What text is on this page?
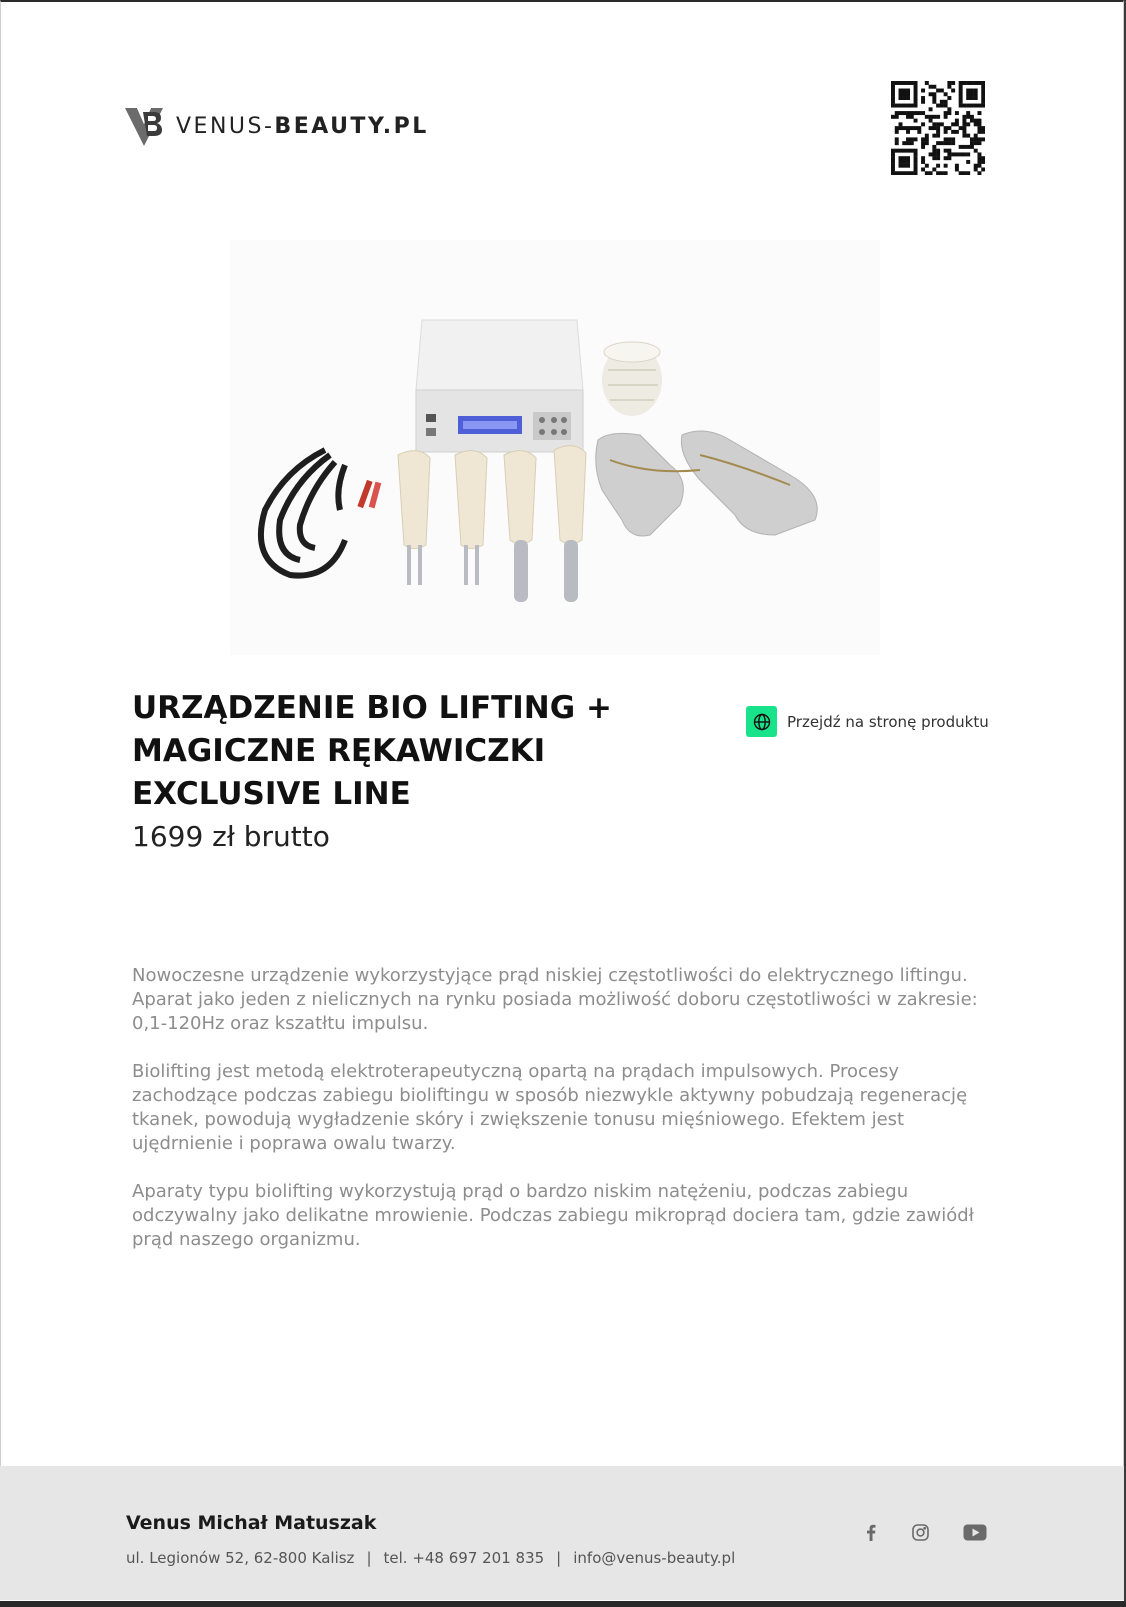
VENUS-BEAUTY.PL
URZĄDZENIE BIO LIFTING +
MAGICZNE RĘKAWICZKI
EXCLUSIVE LINE
1699 zł brutto
Przejdź na stronę produktu

Nowoczesne urządzenie wykorzystyjące prąd niskiej częstotliwości do elektrycznego liftingu. Aparat jako jeden z nielicznych na rynku posiada możliwość doboru częstotliwości w zakresie: 0,1-120Hz oraz kszatłtu impulsu.

Biolifting jest metodą elektroterapeutyczną opartą na prądach impulsowych. Procesy zachodzące podczas zabiegu bioliftingu w sposób niezwykle aktywny pobudzają regenerację tkanek, powodują wygładzenie skóry i zwiększenie tonusu mięśniowego. Efektem jest ujędrnienie i poprawa owalu twarzy.

Aparaty typu biolifting wykorzystują prąd o bardzo niskim natężeniu, podczas zabiegu odczywalny jako delikatne mrowienie. Podczas zabiegu mikroprąd dociera tam, gdzie zawiódł prąd naszego organizmu.

Venus Michał Matuszak
ul. Legionów 52, 62-800 Kalisz | tel. +48 697 201 835 | info@venus-beauty.pl
